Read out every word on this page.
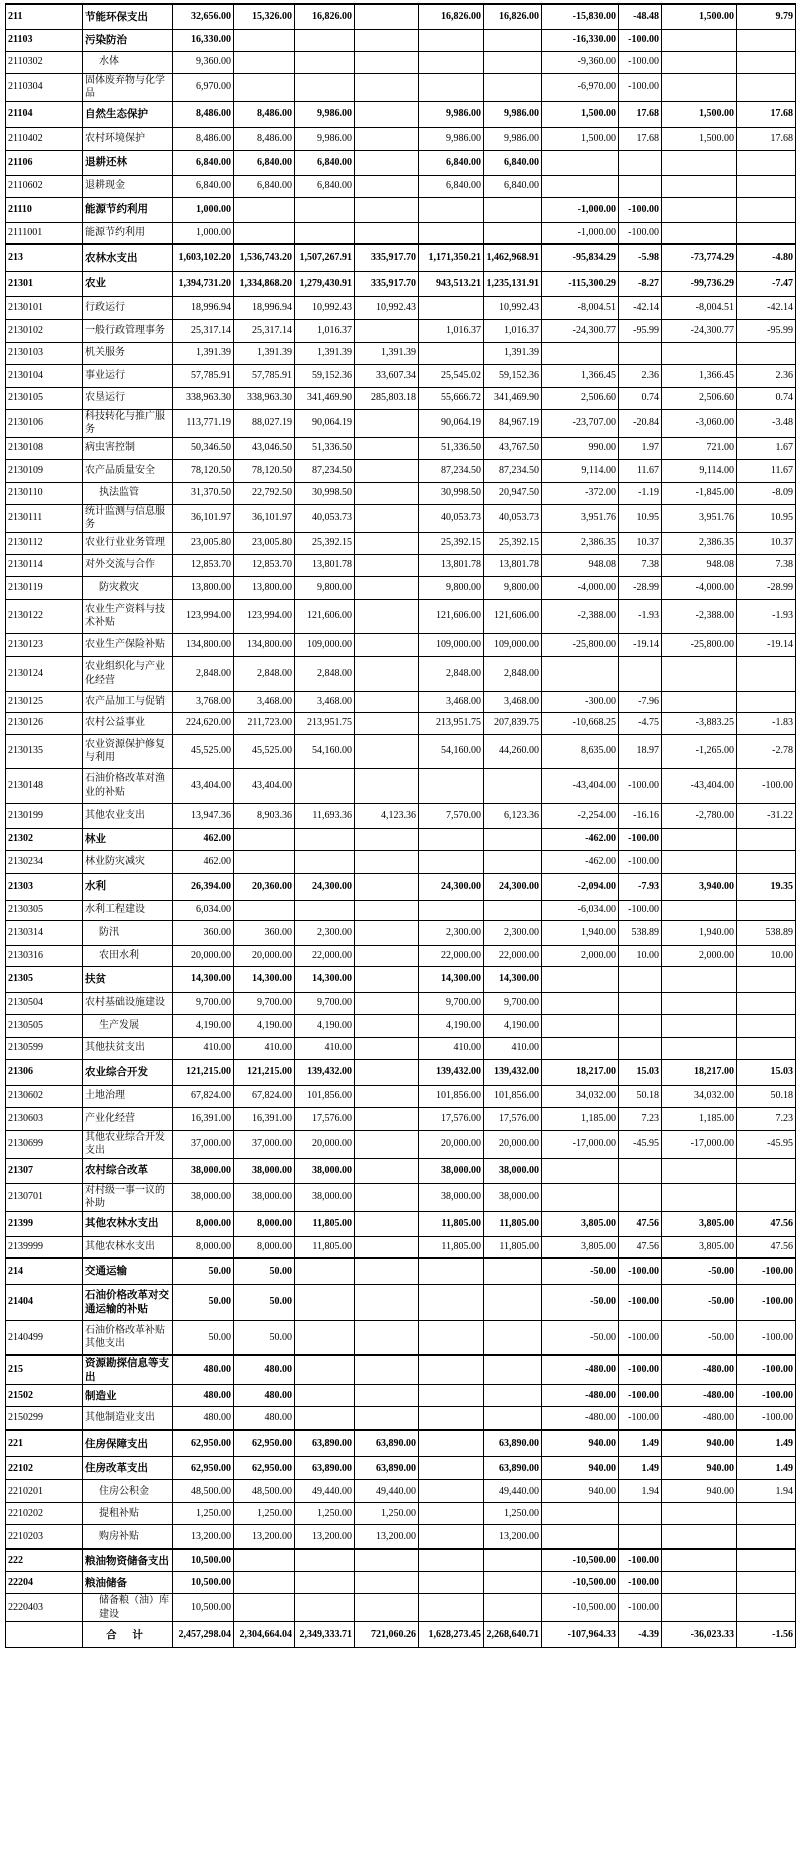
211	节能环保支出	32,656.00	15,326.00	16,826.00		16,826.00	16,826.00	-15,830.00	-48.48	1,500.00	9.79
21103	污染防治	16,330.00						-16,330.00	-100.00		
2110302	水体	9,360.00						-9,360.00	-100.00		
2110304	固体废弃物与化学品	6,970.00						-6,970.00	-100.00		
21104	自然生态保护	8,486.00	8,486.00	9,986.00		9,986.00	9,986.00	1,500.00	17.68	1,500.00	17.68
2110402	农村环境保护	8,486.00	8,486.00	9,986.00		9,986.00	9,986.00	1,500.00	17.68	1,500.00	17.68
21106	退耕还林	6,840.00	6,840.00	6,840.00		6,840.00	6,840.00				
2110602	退耕现金	6,840.00	6,840.00	6,840.00		6,840.00	6,840.00				
21110	能源节约利用	1,000.00						-1,000.00	-100.00		
2111001	能源节约利用	1,000.00						-1,000.00	-100.00		
213	农林水支出	1,603,102.20	1,536,743.20	1,507,267.91	335,917.70	1,171,350.21	1,462,968.91	-95,834.29	-5.98	-73,774.29	-4.80
21301	农业	1,394,731.20	1,334,868.20	1,279,430.91	335,917.70	943,513.21	1,235,131.91	-115,300.29	-8.27	-99,736.29	-7.47
2130101	行政运行	18,996.94	18,996.94	10,992.43	10,992.43		10,992.43	-8,004.51	-42.14	-8,004.51	-42.14
2130102	一般行政管理事务	25,317.14	25,317.14	1,016.37		1,016.37	1,016.37	-24,300.77	-95.99	-24,300.77	-95.99
2130103	机关服务	1,391.39	1,391.39	1,391.39	1,391.39		1,391.39				
2130104	事业运行	57,785.91	57,785.91	59,152.36	33,607.34	25,545.02	59,152.36	1,366.45	2.36	1,366.45	2.36
2130105	农垦运行	338,963.30	338,963.30	341,469.90	285,803.18	55,666.72	341,469.90	2,506.60	0.74	2,506.60	0.74
2130106	科技转化与推广服务	113,771.19	88,027.19	90,064.19		90,064.19	84,967.19	-23,707.00	-20.84	-3,060.00	-3.48
2130108	病虫害控制	50,346.50	43,046.50	51,336.50		51,336.50	43,767.50	990.00	1.97	721.00	1.67
2130109	农产品质量安全	78,120.50	78,120.50	87,234.50		87,234.50	87,234.50	9,114.00	11.67	9,114.00	11.67
2130110	执法监管	31,370.50	22,792.50	30,998.50		30,998.50	20,947.50	-372.00	-1.19	-1,845.00	-8.09
2130111	统计监测与信息服务	36,101.97	36,101.97	40,053.73		40,053.73	40,053.73	3,951.76	10.95	3,951.76	10.95
2130112	农业行业业务管理	23,005.80	23,005.80	25,392.15		25,392.15	25,392.15	2,386.35	10.37	2,386.35	10.37
2130114	对外交流与合作	12,853.70	12,853.70	13,801.78		13,801.78	13,801.78	948.08	7.38	948.08	7.38
2130119	防灾救灾	13,800.00	13,800.00	9,800.00		9,800.00	9,800.00	-4,000.00	-28.99	-4,000.00	-28.99
2130122	农业生产资料与技术补贴	123,994.00	123,994.00	121,606.00		121,606.00	121,606.00	-2,388.00	-1.93	-2,388.00	-1.93
2130123	农业生产保险补贴	134,800.00	134,800.00	109,000.00		109,000.00	109,000.00	-25,800.00	-19.14	-25,800.00	-19.14
2130124	农业组织化与产业化经营	2,848.00	2,848.00	2,848.00		2,848.00	2,848.00				
2130125	农产品加工与促销	3,768.00	3,468.00	3,468.00		3,468.00	3,468.00	-300.00	-7.96		
2130126	农村公益事业	224,620.00	211,723.00	213,951.75		213,951.75	207,839.75	-10,668.25	-4.75	-3,883.25	-1.83
2130135	农业资源保护修复与利用	45,525.00	45,525.00	54,160.00		54,160.00	44,260.00	8,635.00	18.97	-1,265.00	-2.78
2130148	石油价格改革对渔业的补贴	43,404.00	43,404.00					-43,404.00	-100.00	-43,404.00	-100.00
2130199	其他农业支出	13,947.36	8,903.36	11,693.36	4,123.36	7,570.00	6,123.36	-2,254.00	-16.16	-2,780.00	-31.22
21302	林业	462.00						-462.00	-100.00		
2130234	林业防灾减灾	462.00						-462.00	-100.00		
21303	水利	26,394.00	20,360.00	24,300.00		24,300.00	24,300.00	-2,094.00	-7.93	3,940.00	19.35
2130305	水利工程建设	6,034.00						-6,034.00	-100.00		
2130314	防汛	360.00	360.00	2,300.00		2,300.00	2,300.00	1,940.00	538.89	1,940.00	538.89
2130316	农田水利	20,000.00	20,000.00	22,000.00		22,000.00	22,000.00	2,000.00	10.00	2,000.00	10.00
21305	扶贫	14,300.00	14,300.00	14,300.00		14,300.00	14,300.00				
2130504	农村基础设施建设	9,700.00	9,700.00	9,700.00		9,700.00	9,700.00				
2130505	生产发展	4,190.00	4,190.00	4,190.00		4,190.00	4,190.00				
2130599	其他扶贫支出	410.00	410.00	410.00		410.00	410.00				
21306	农业综合开发	121,215.00	121,215.00	139,432.00		139,432.00	139,432.00	18,217.00	15.03	18,217.00	15.03
2130602	土地治理	67,824.00	67,824.00	101,856.00		101,856.00	101,856.00	34,032.00	50.18	34,032.00	50.18
2130603	产业化经营	16,391.00	16,391.00	17,576.00		17,576.00	17,576.00	1,185.00	7.23	1,185.00	7.23
2130699	其他农业综合开发支出	37,000.00	37,000.00	20,000.00		20,000.00	20,000.00	-17,000.00	-45.95	-17,000.00	-45.95
21307	农村综合改革	38,000.00	38,000.00	38,000.00		38,000.00	38,000.00				
2130701	对村级一事一议的补助	38,000.00	38,000.00	38,000.00		38,000.00	38,000.00				
21399	其他农林水支出	8,000.00	8,000.00	11,805.00		11,805.00	11,805.00	3,805.00	47.56	3,805.00	47.56
2139999	其他农林水支出	8,000.00	8,000.00	11,805.00		11,805.00	11,805.00	3,805.00	47.56	3,805.00	47.56
214	交通运输	50.00	50.00					-50.00	-100.00	-50.00	-100.00
21404	石油价格改革对交通运输的补贴	50.00	50.00					-50.00	-100.00	-50.00	-100.00
2140499	石油价格改革补贴其他支出	50.00	50.00					-50.00	-100.00	-50.00	-100.00
215	资源勘探信息等支出	480.00	480.00					-480.00	-100.00	-480.00	-100.00
21502	制造业	480.00	480.00					-480.00	-100.00	-480.00	-100.00
2150299	其他制造业支出	480.00	480.00					-480.00	-100.00	-480.00	-100.00
221	住房保障支出	62,950.00	62,950.00	63,890.00	63,890.00		63,890.00	940.00	1.49	940.00	1.49
22102	住房改革支出	62,950.00	62,950.00	63,890.00	63,890.00		63,890.00	940.00	1.49	940.00	1.49
2210201	住房公积金	48,500.00	48,500.00	49,440.00	49,440.00		49,440.00	940.00	1.94	940.00	1.94
2210202	提租补贴	1,250.00	1,250.00	1,250.00	1,250.00		1,250.00				
2210203	购房补贴	13,200.00	13,200.00	13,200.00	13,200.00		13,200.00				
222	粮油物资储备支出	10,500.00						-10,500.00	-100.00		
22204	粮油储备	10,500.00						-10,500.00	-100.00		
2220403	储备粮（油）库建设	10,500.00						-10,500.00	-100.00		
	合 计	2,457,298.04	2,304,664.04	2,349,333.71	721,060.26	1,628,273.45	2,268,640.71	-107,964.33	-4.39	-36,023.33	-1.56
